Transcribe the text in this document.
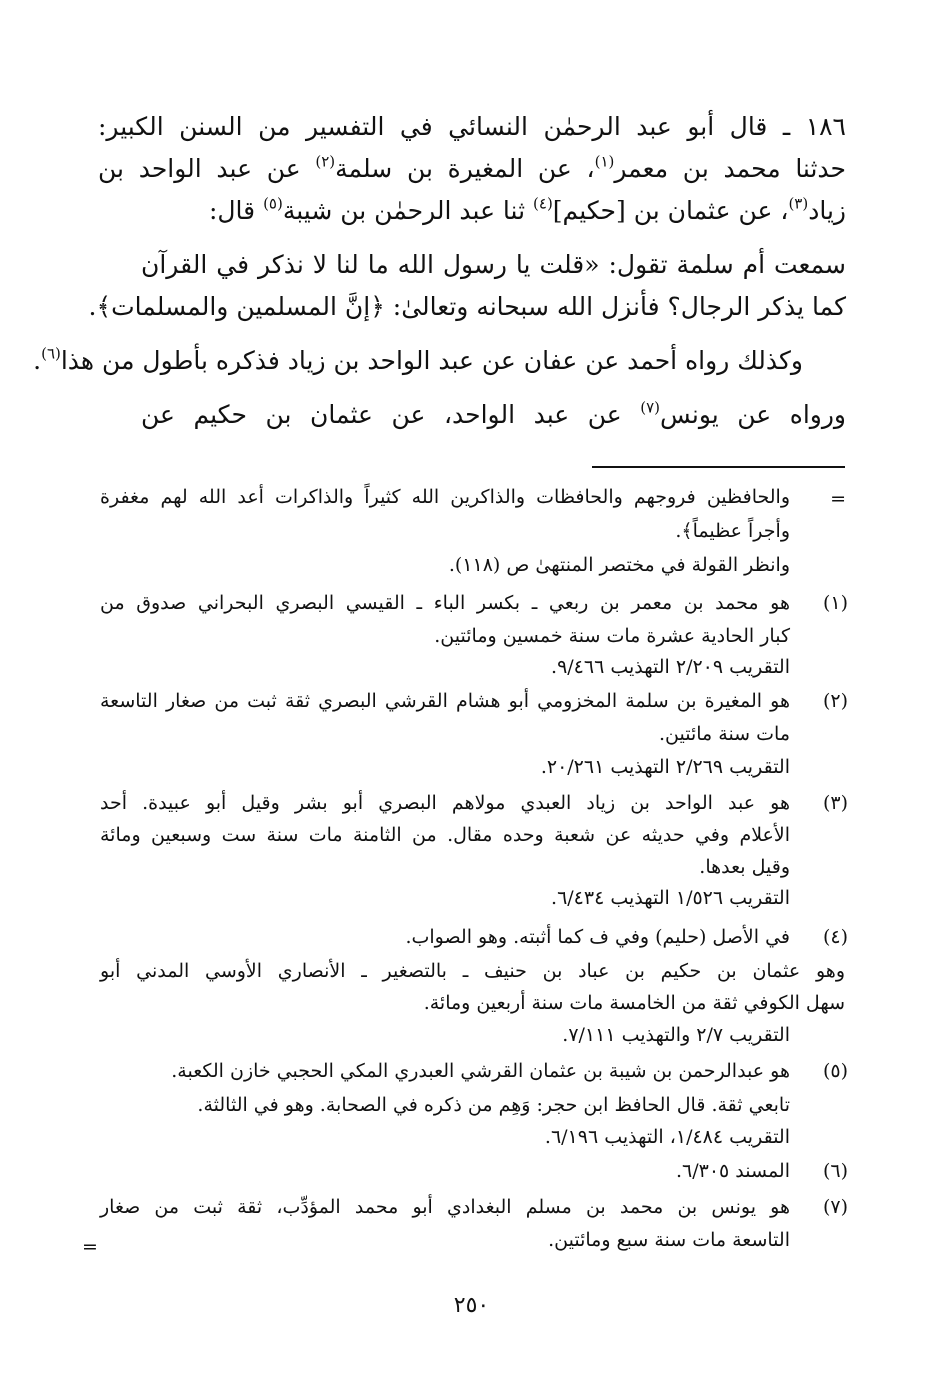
١٨٦ ـ قال أبو عبد الرحمٰن النسائي في التفسير من السنن الكبير:
حدثنا محمد بن معمر$^{(١)}$، عن المغيرة بن سلمة$^{(٢)}$ عن عبد الواحد بن
زياد$^{(٣)}$، عن عثمان بن [حكيم]$^{(٤)}$ ثنا عبد الرحمٰن بن شيبة$^{(٥)}$ قال:
سمعت أم سلمة تقول: «قلت يا رسول الله ما لنا لا نذكر في القرآن
كما يذكر الرجال؟ فأنزل الله سبحانه وتعالىٰ: ﴿إنَّ المسلمين والمسلمات﴾.
وكذلك رواه أحمد عن عفان عن عبد الواحد بن زياد فذكره بأطول من هذا$^{(٦)}$.
ورواه عن يونس$^{(٧)}$ عن عبد الواحد، عن عثمان بن حكيم عن
=
والحافظين فروجهم والحافظات والذاكرين الله كثيراً والذاكرات أعد الله لهم مغفرة
وأجراً عظيماً﴾.
وانظر القولة في مختصر المنتهىٰ ص (١١٨).
(١)
هو محمد بن معمر بن ربعي ـ بكسر الباء ـ القيسي البصري البحراني صدوق من
كبار الحادية عشرة مات سنة خمسين ومائتين.
التقريب ٢/٢٠٩ التهذيب ٩/٤٦٦.
(٢)
هو المغيرة بن سلمة المخزومي أبو هشام القرشي البصري ثقة ثبت من صغار التاسعة
مات سنة مائتين.
التقريب ٢/٢٦٩ التهذيب ٢٠/٢٦١.
(٣)
هو عبد الواحد بن زياد العبدي مولاهم البصري أبو بشر وقيل أبو عبيدة. أحد
الأعلام وفي حديثه عن شعبة وحده مقال. من الثامنة مات سنة ست وسبعين ومائة
وقيل بعدها.
التقريب ١/٥٢٦ التهذيب ٦/٤٣٤.
(٤)
في الأصل (حليم) وفي ف كما أثبته. وهو الصواب.
وهو عثمان بن حكيم بن عباد بن حنيف ـ بالتصغير ـ الأنصاري الأوسي المدني أبو
سهل الكوفي ثقة من الخامسة مات سنة أربعين ومائة.
التقريب ٢/٧ والتهذيب ٧/١١١.
(٥)
هو عبدالرحمن بن شيبة بن عثمان القرشي العبدري المكي الحجبي خازن الكعبة.
تابعي ثقة. قال الحافظ ابن حجر: وَهِم من ذكره في الصحابة. وهو في الثالثة.
التقريب ١/٤٨٤، التهذيب ٦/١٩٦.
(٦)
المسند ٦/٣٠٥.
(٧)
هو يونس بن محمد بن مسلم البغدادي أبو محمد المؤدِّب، ثقة ثبت من صغار
التاسعة مات سنة سبع ومائتين.
=
٢٥٠
